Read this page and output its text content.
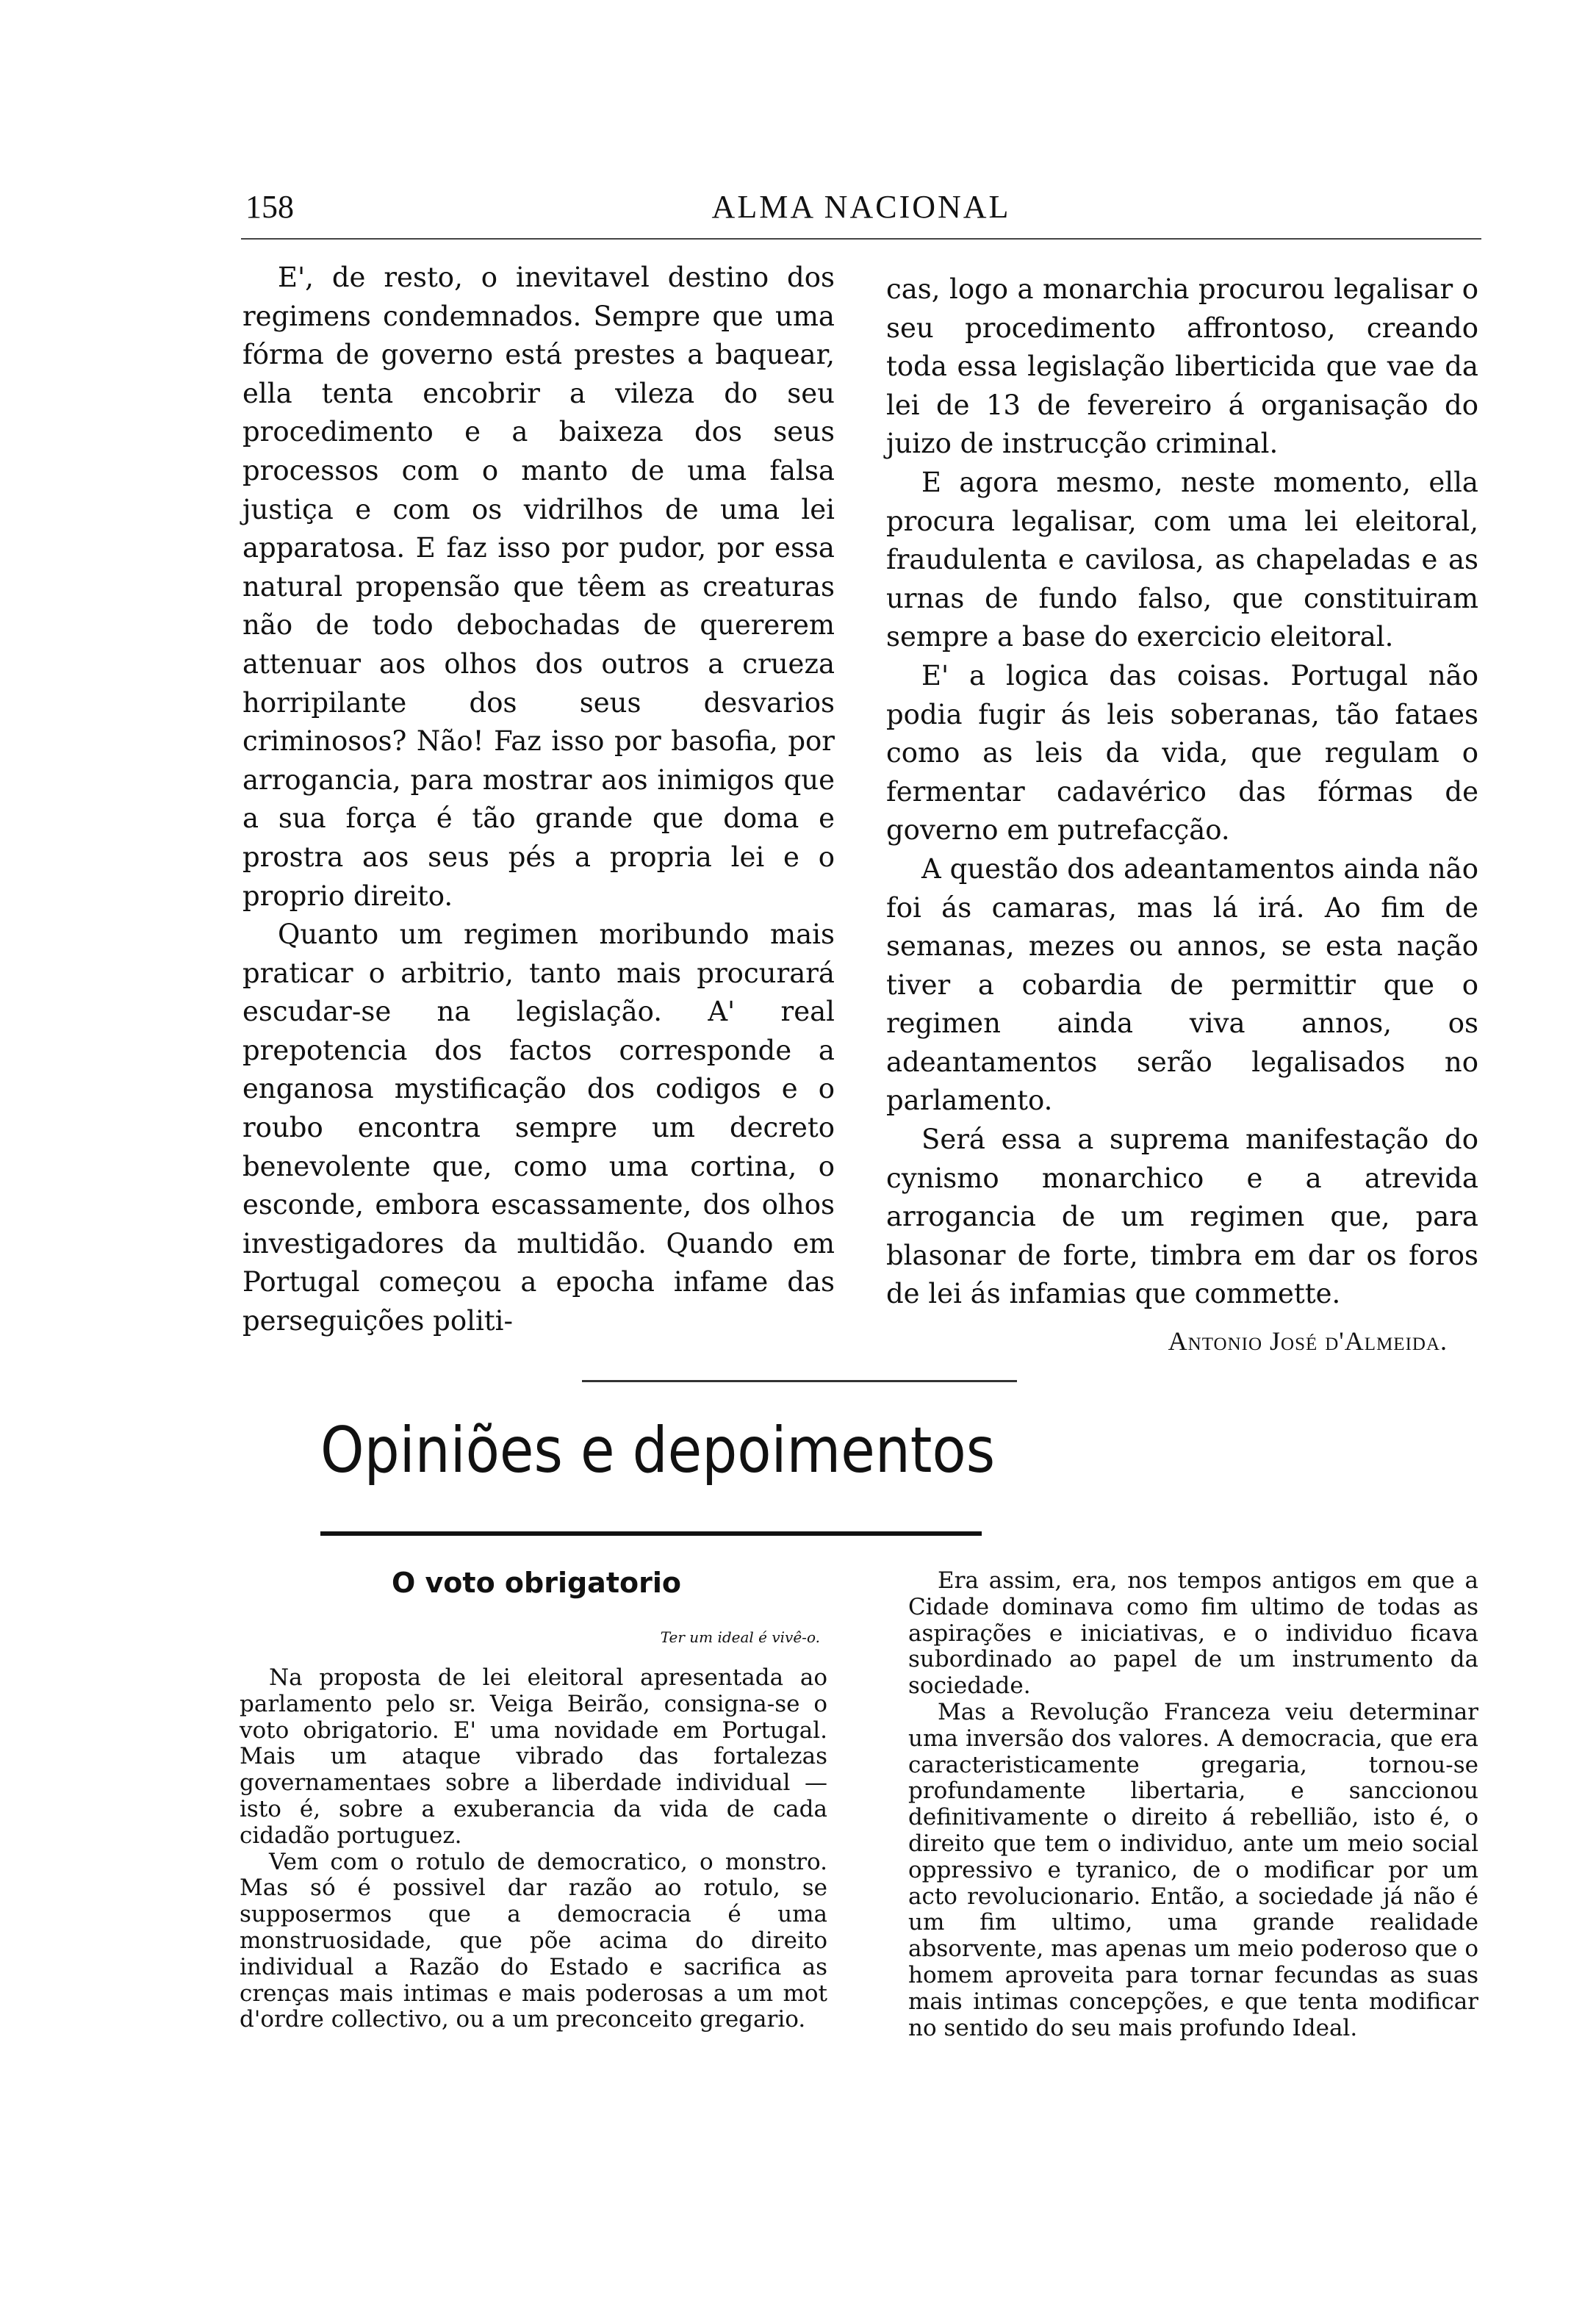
158	ALMA NACIONAL

E', de resto, o inevitavel destino dos regimens condemnados. Sempre que uma fórma de governo está prestes a baquear, ella tenta encobrir a vileza do seu procedimento e a baixeza dos seus processos com o manto de uma falsa justiça e com os vidrilhos de uma lei apparatosa. E faz isso por pudor, por essa natural propensão que têem as creaturas não de todo debochadas de quererem attenuar aos olhos dos outros a crueza horripilante dos seus desvarios criminosos? Não! Faz isso por basofia, por arrogancia, para mostrar aos inimigos que a sua força é tão grande que doma e prostra aos seus pés a propria lei e o proprio direito.

Quanto um regimen moribundo mais praticar o arbitrio, tanto mais procurará escudar-se na legislação. A' real prepotencia dos factos corresponde a enganosa mystificação dos codigos e o roubo encontra sempre um decreto benevolente que, como uma cortina, o esconde, embora escassamente, dos olhos investigadores da multidão. Quando em Portugal começou a epocha infame das perseguições politi-

cas, logo a monarchia procurou legalisar o seu procedimento affrontoso, creando toda essa legislação liberticida que vae da lei de 13 de fevereiro á organisação do juizo de instrucção criminal.

E agora mesmo, neste momento, ella procura legalisar, com uma lei eleitoral, fraudulenta e cavilosa, as chapeladas e as urnas de fundo falso, que constituiram sempre a base do exercicio eleitoral.

E' a logica das coisas. Portugal não podia fugir ás leis soberanas, tão fataes como as leis da vida, que regulam o fermentar cadavérico das fórmas de governo em putrefacção.

A questão dos adeantamentos ainda não foi ás camaras, mas lá irá. Ao fim de semanas, mezes ou annos, se esta nação tiver a cobardia de permittir que o regimen ainda viva annos, os adeantamentos serão legalisados no parlamento.

Será essa a suprema manifestação do cynismo monarchico e a atrevida arrogancia de um regimen que, para blasonar de forte, timbra em dar os foros de lei ás infamias que commette.

Antonio José d'Almeida.
Opiniões e depoimentos
O voto obrigatorio
Ter um ideal é vivê-o.

Na proposta de lei eleitoral apresentada ao parlamento pelo sr. Veiga Beirão, consigna-se o voto obrigatorio. E' uma novidade em Portugal. Mais um ataque vibrado das fortalezas governamentaes sobre a liberdade individual — isto é, sobre a exuberancia da vida de cada cidadão portuguez.

Vem com o rotulo de democratico, o monstro. Mas só é possivel dar razão ao rotulo, se supposermos que a democracia é uma monstruosidade, que põe acima do direito individual a Razão do Estado e sacrifica as crenças mais intimas e mais poderosas a um mot d'ordre collectivo, ou a um preconceito gregario.

Era assim, era, nos tempos antigos em que a Cidade dominava como fim ultimo de todas as aspirações e iniciativas, e o individuo ficava subordinado ao papel de um instrumento da sociedade.

Mas a Revolução Franceza veiu determinar uma inversão dos valores. A democracia, que era caracteristicamente gregaria, tornou-se profundamente libertaria, e sanccionou definitivamente o direito á rebellião, isto é, o direito que tem o individuo, ante um meio social oppressivo e tyranico, de o modificar por um acto revolucionario. Então, a sociedade já não é um fim ultimo, uma grande realidade absorvente, mas apenas um meio poderoso que o homem aproveita para tornar fecundas as suas mais intimas concepções, e que tenta modificar no sentido do seu mais profundo Ideal.
